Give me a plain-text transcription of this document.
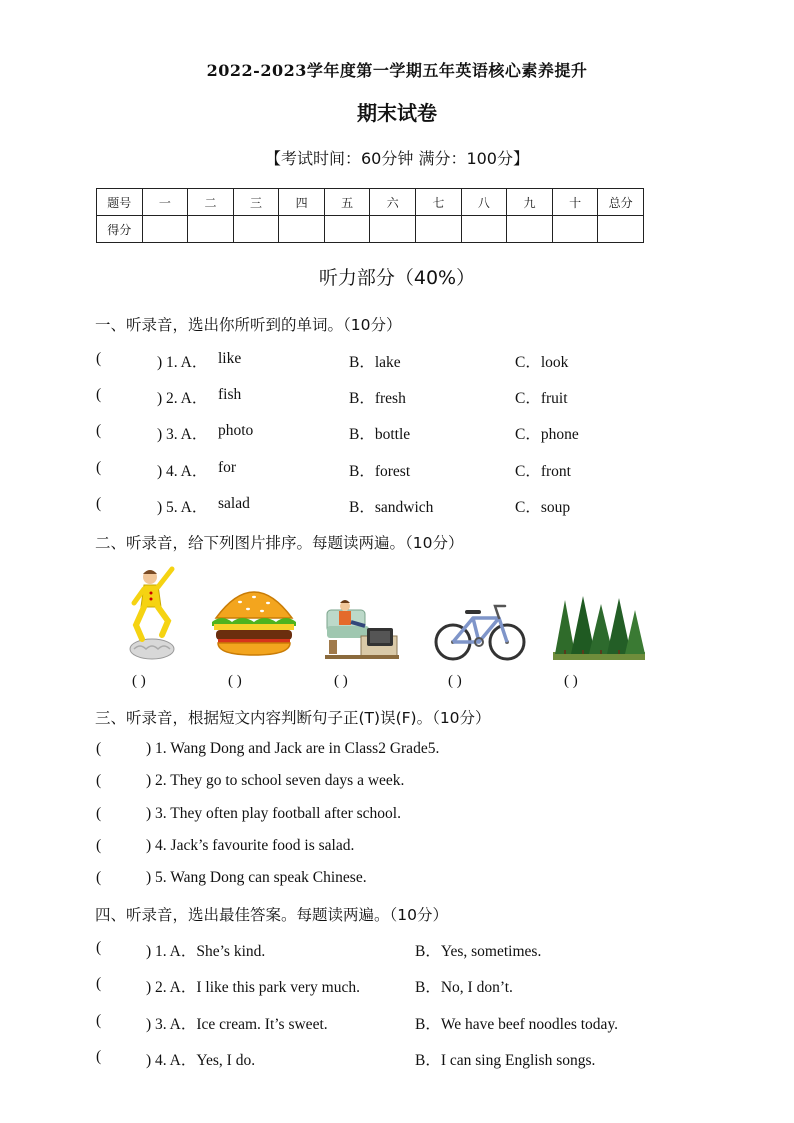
2022-2023学年度第一学期五年英语核心素养提升
期末试卷
【考试时间：60分钟 满分：100分】
题号	一	二	三	四	五	六	七	八	九	十	总分
得分											
听力部分（40%）
一、听录音，选出你所听到的单词。（10分）
(	) 1. A． like	B．lake	C．look
(	) 2. A． fish	B．fresh	C．fruit
(	) 3. A． photo	B．bottle	C．phone
(	) 4. A． for	B．forest	C．front
(	) 5. A． salad	B．sandwich	C．soup
二、听录音，给下列图片排序。每题读两遍。（10分）
( )	( )	( )	( )	( )
三、听录音，根据短文内容判断句子正(T)误(F)。（10分）
(	) 1. Wang Dong and Jack are in Class2 Grade5.
(	) 2. They go to school seven days a week.
(	) 3. They often play football after school.
(	) 4. Jack’s favourite food is salad.
(	) 5. Wang Dong can speak Chinese.
四、听录音，选出最佳答案。每题读两遍。（10分）
(	) 1. A．She’s kind.	B．Yes, sometimes.
(	) 2. A．I like this park very much.	B．No, I don’t.
(	) 3. A．Ice cream. It’s sweet.	B．We have beef noodles today.
(	) 4. A．Yes, I do.	B．I can sing English songs.
